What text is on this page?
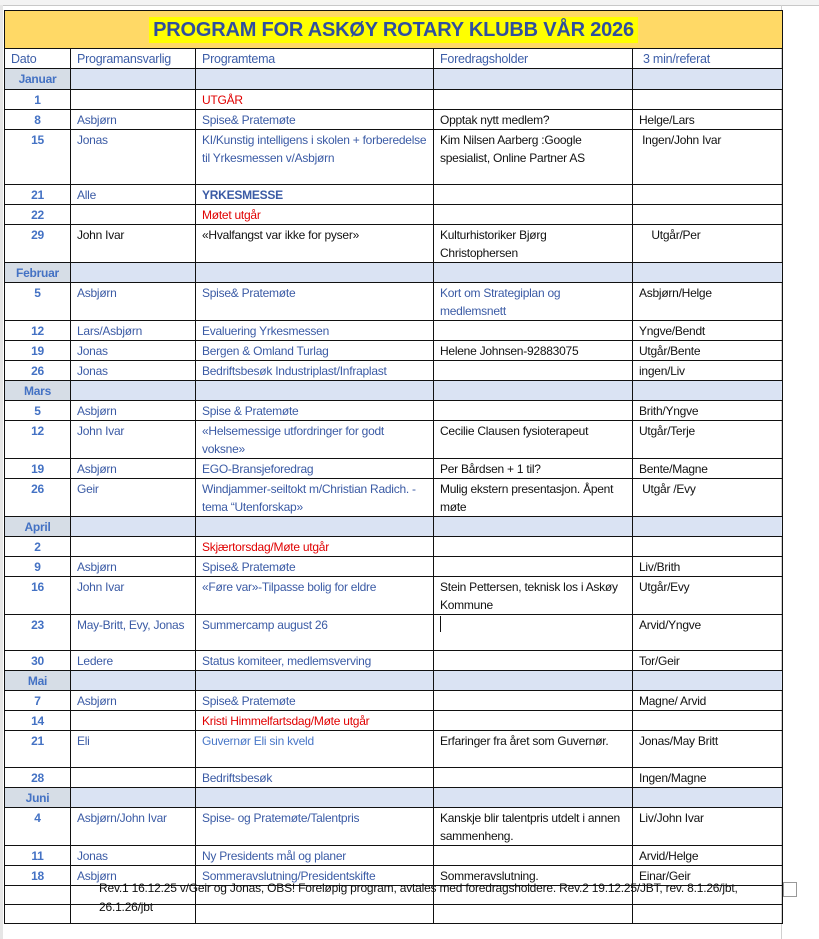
PROGRAM FOR ASKØY ROTARY KLUBB VÅR 2026				
Dato	Programansvarlig	Programtema	Foredragsholder	3 min/referat
Januar				
1		UTGÅR		
8	Asbjørn	Spise& Pratemøte	Opptak nytt medlem?	Helge/Lars
15	Jonas	KI/Kunstig intelligens i skolen + forberedelse til Yrkesmessen v/Asbjørn	Kim Nilsen Aarberg :Google spesialist, Online Partner AS	Ingen/John Ivar
21	Alle	YRKESMESSE		
22		Møtet utgår		
29	John Ivar	«Hvalfangst var ikke for pyser»	Kulturhistoriker Bjørg Christophersen	Utgår/Per
Februar				
5	Asbjørn	Spise& Pratemøte	Kort om Strategiplan og medlemsnett	Asbjørn/Helge
12	Lars/Asbjørn	Evaluering Yrkesmessen		Yngve/Bendt
19	Jonas	Bergen & Omland Turlag	Helene Johnsen-92883075	Utgår/Bente
26	Jonas	Bedriftsbesøk Industriplast/Infraplast		ingen/Liv
Mars				
5	Asbjørn	Spise & Pratemøte		Brith/Yngve
12	John Ivar	«Helsemessige utfordringer for godt voksne»	Cecilie Clausen fysioterapeut	Utgår/Terje
19	Asbjørn	EGO-Bransjeforedrag	Per Bårdsen + 1 til?	Bente/Magne
26	Geir	Windjammer-seiltokt m/Christian Radich. -tema “Utenforskap»	Mulig ekstern presentasjon. Åpent møte	Utgår /Evy
April				
2		Skjærtorsdag/Møte utgår		
9	Asbjørn	Spise& Pratemøte		Liv/Brith
16	John Ivar	«Føre var»-Tilpasse bolig for eldre	Stein Pettersen, teknisk los i Askøy Kommune	Utgår/Evy
23	May-Britt, Evy, Jonas	Summercamp august 26		Arvid/Yngve
30	Ledere	Status komiteer, medlemsverving		Tor/Geir
Mai				
7	Asbjørn	Spise& Pratemøte		Magne/ Arvid
14		Kristi Himmelfartsdag/Møte utgår		
21	Eli	Guvernør Eli sin kveld	Erfaringer fra året som Guvernør.	Jonas/May Britt
28		Bedriftsbesøk		Ingen/Magne
Juni				
4	Asbjørn/John Ivar	Spise- og Pratemøte/Talentpris	Kanskje blir talentpris utdelt i annen sammenheng.	Liv/John Ivar
11	Jonas	Ny Presidents mål og planer		Arvid/Helge
18	Asbjørn	Sommeravslutning/Presidentskifte	Sommeravslutning.	Einar/Geir

Rev.1 16.12.25 v/Geir og Jonas, OBS! Foreløpig program, avtales med foredragsholdere. Rev.2 19.12.25/JBT, rev. 8.1.26/jbt, 26.1.26/jbt
